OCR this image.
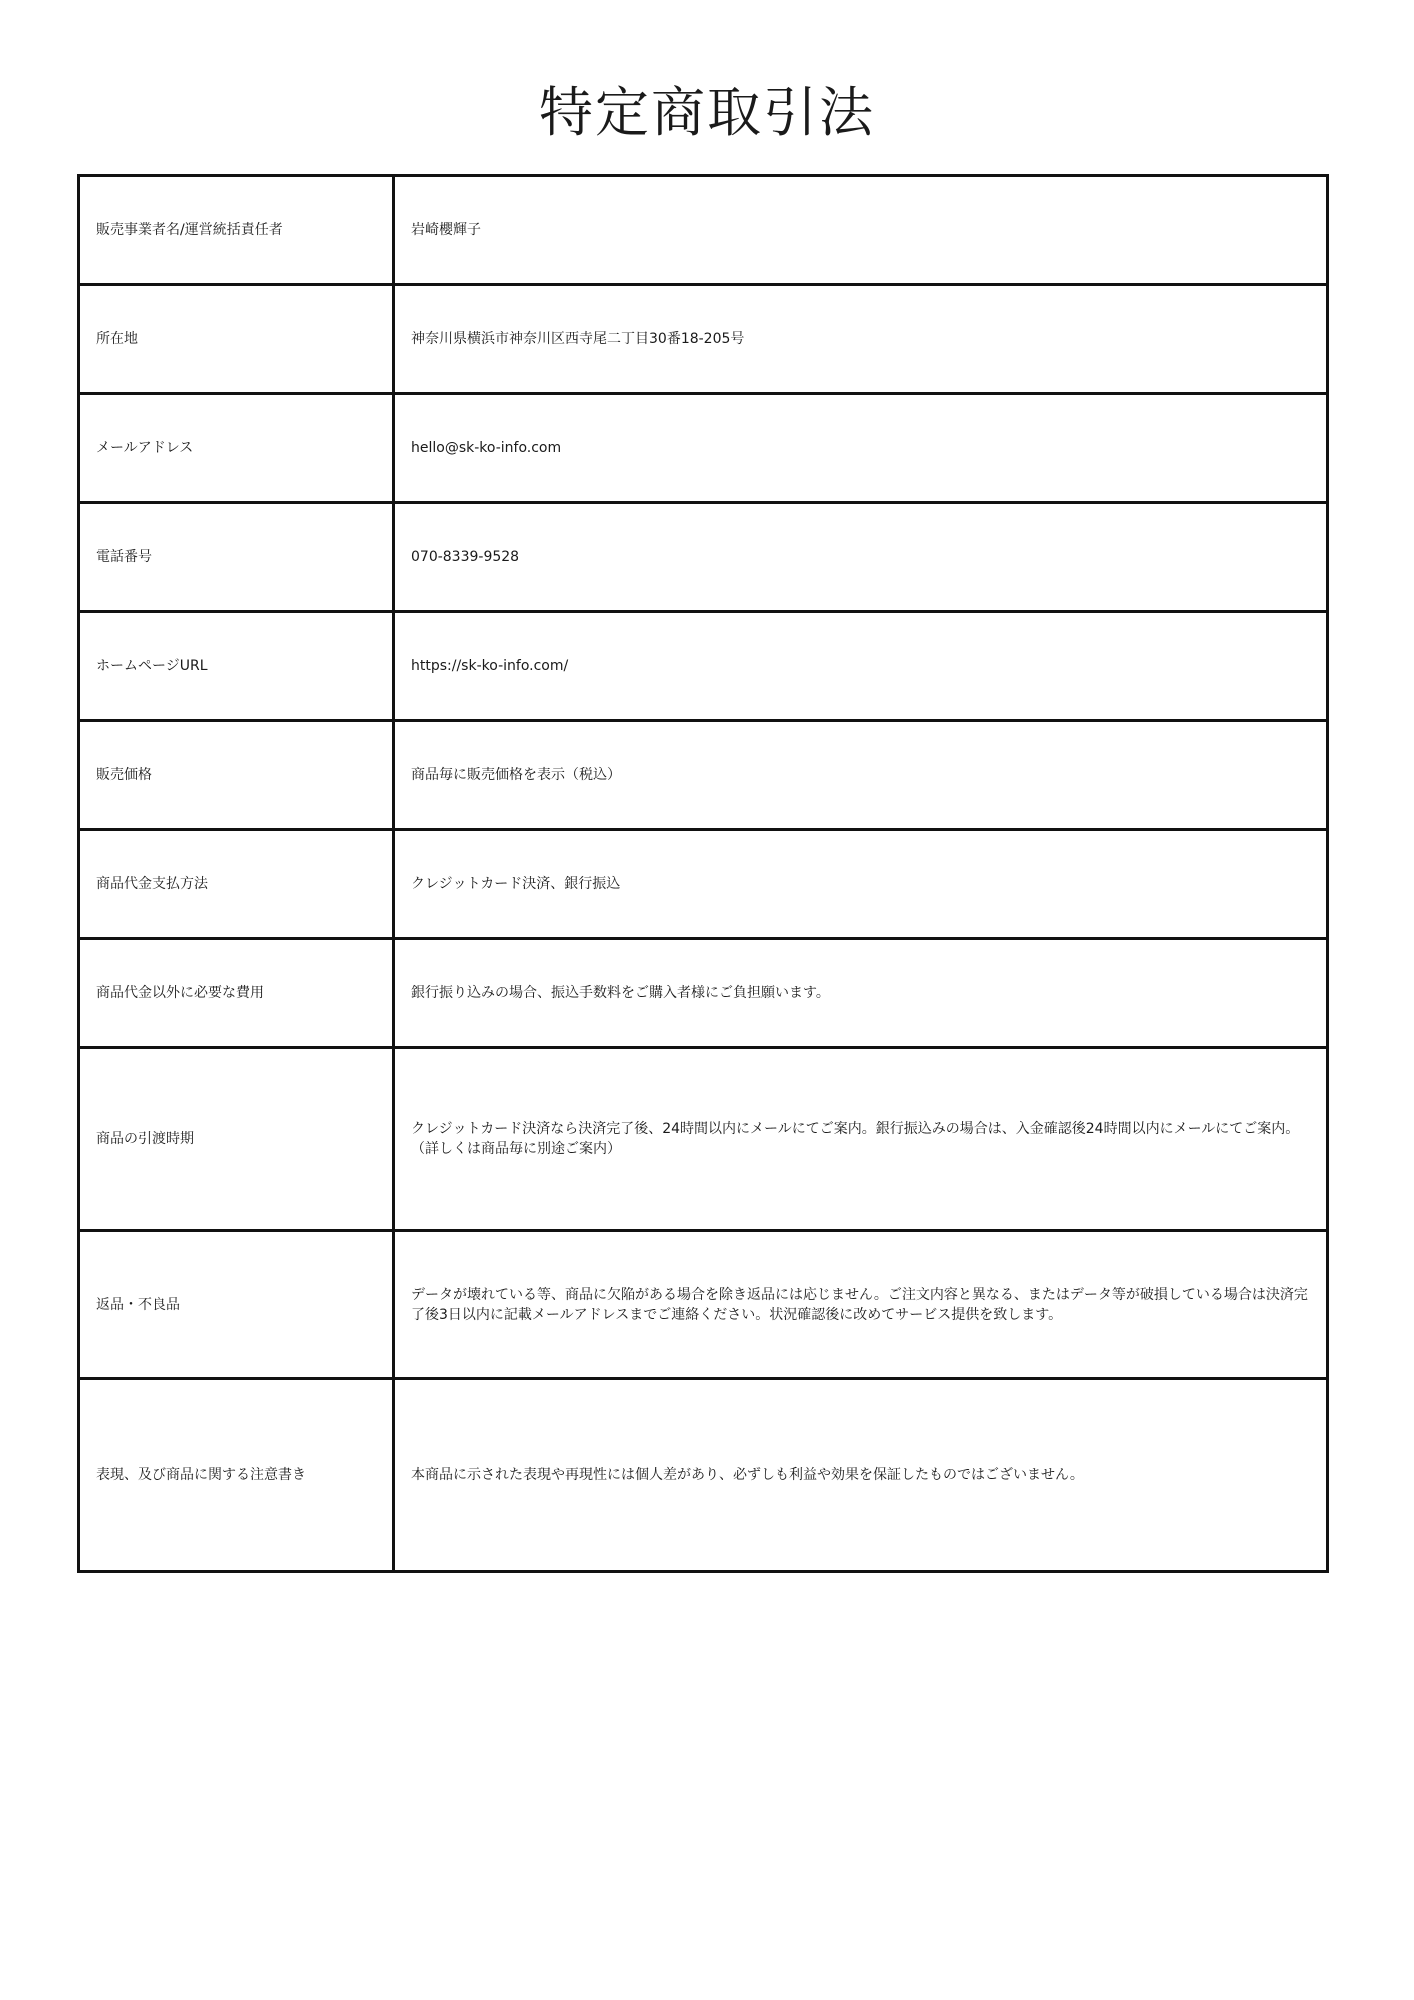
特定商取引法
販売事業者名/運営統括責任者	岩崎櫻輝子
所在地	神奈川県横浜市神奈川区西寺尾二丁目30番18-205号
メールアドレス	hello@sk-ko-info.com
電話番号	070-8339-9528
ホームページURL	https://sk-ko-info.com/
販売価格	商品毎に販売価格を表示（税込）
商品代金支払方法	クレジットカード決済、銀行振込
商品代金以外に必要な費用	銀行振り込みの場合、振込手数料をご購入者様にご負担願います。
商品の引渡時期	クレジットカード決済なら決済完了後、24時間以内にメールにてご案内。銀行振込みの場合は、入金確認後24時間以内にメールにてご案内。（詳しくは商品毎に別途ご案内）
返品・不良品	データが壊れている等、商品に欠陥がある場合を除き返品には応じません。ご注文内容と異なる、またはデータ等が破損している場合は決済完了後3日以内に記載メールアドレスまでご連絡ください。状況確認後に改めてサービス提供を致します。
表現、及び商品に関する注意書き	本商品に示された表現や再現性には個人差があり、必ずしも利益や効果を保証したものではございません。
